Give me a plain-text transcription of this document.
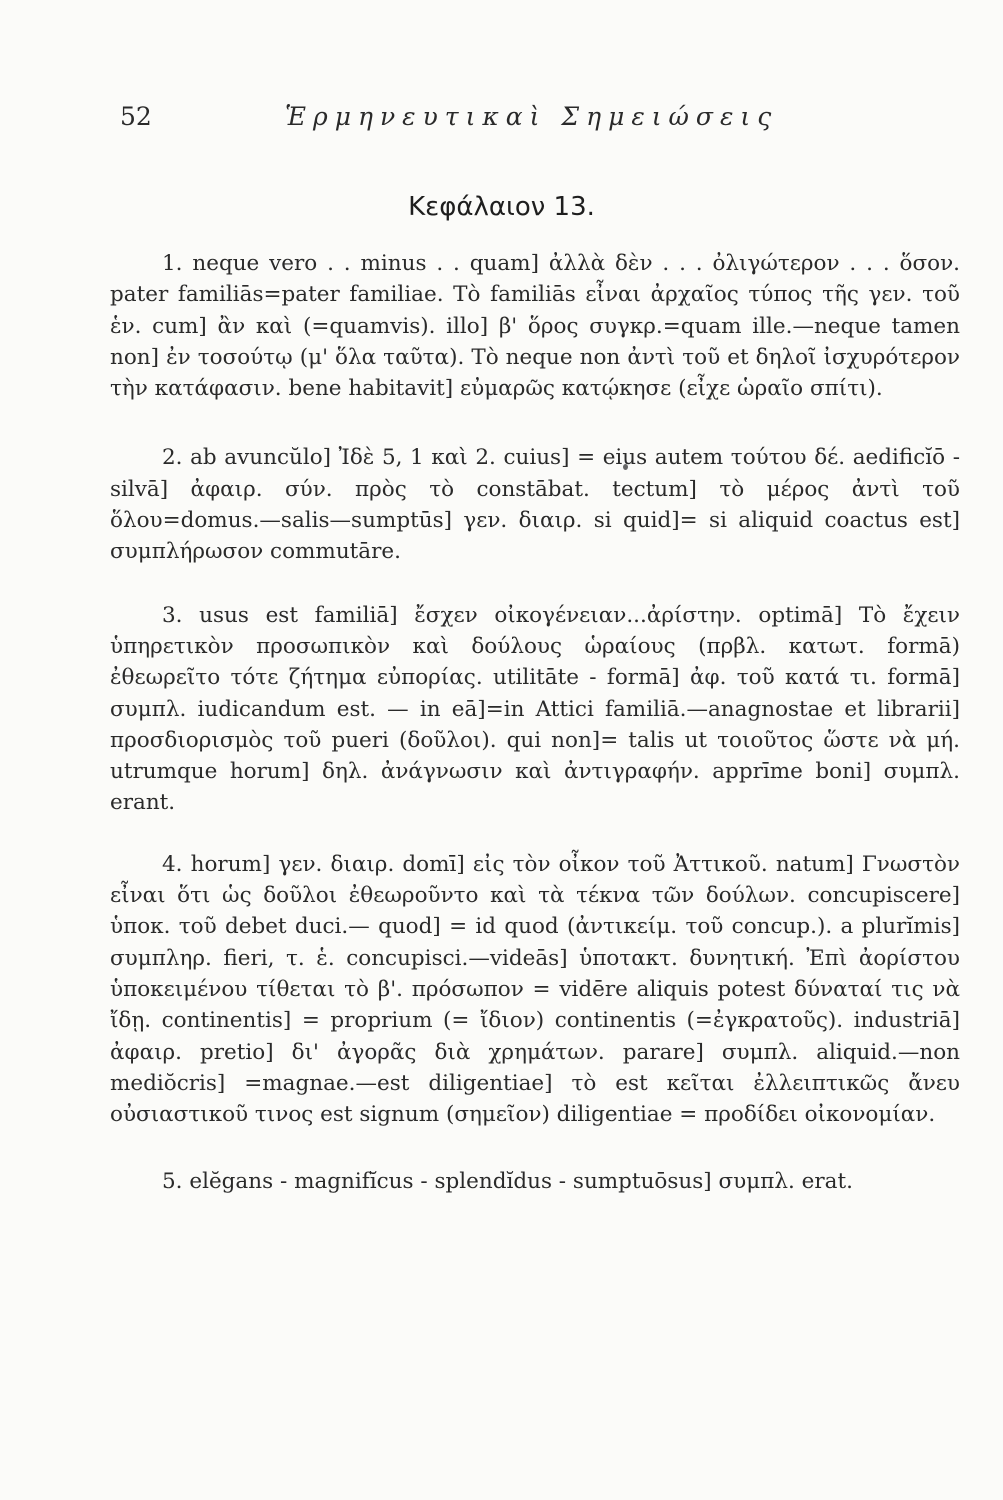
52	Ἑρμηνευτικαὶ Σημειώσεις
Κεφάλαιον 13.

1. neque vero . . minus . . quam] ἀλλὰ δὲν . . . ὀλιγώτερον . . . ὅσον. pater familiās=pater familiae. Τὸ familiās εἶναι ἀρχαῖος τύπος τῆς γεν. τοῦ ἑν. cum] ἂν καὶ (=quamvis). illo] β' ὅρος συγκρ.=quam ille.—neque tamen non] ἐν τοσούτῳ (μ' ὅλα ταῦτα). Τὸ neque non ἀντὶ τοῦ et δηλοῖ ἰσχυρότερον τὴν κατάφασιν. bene habitavit] εὐμαρῶς κατῴκησε (εἶχε ὡραῖο σπίτι).

2. ab avuncŭlo] Ἰδὲ 5, 1 καὶ 2. cuius] = eius autem τούτου δέ. aedificĭō - silvā] ἀφαιρ. σύν. πρὸς τὸ constābat. tectum] τὸ μέρος ἀντὶ τοῦ ὅλου=domus.—salis—sumptūs] γεν. διαιρ. si quid]= si aliquid coactus est] συμπλήρωσον commutāre.

3. usus est familiā] ἔσχεν οἰκογένειαν...ἀρίστην. optimā] Τὸ ἔχειν ὑπηρετικὸν προσωπικὸν καὶ δούλους ὡραίους (πρβλ. κατωτ. formā) ἐθεωρεῖτο τότε ζήτημα εὐπορίας. utilitāte - formā] ἀφ. τοῦ κατά τι. formā] συμπλ. iudicandum est. — in eā]=in Attici familiā.—anagnostae et librarii] προσδιορισμὸς τοῦ pueri (δοῦλοι). qui non]= talis ut τοιοῦτος ὥστε νὰ μή. utrumque horum] δηλ. ἀνάγνωσιν καὶ ἀντιγραφήν. apprīme boni] συμπλ. erant.

4. horum] γεν. διαιρ. domī] εἰς τὸν οἶκον τοῦ Ἀττικοῦ. natum] Γνωστὸν εἶναι ὅτι ὡς δοῦλοι ἐθεωροῦντο καὶ τὰ τέκνα τῶν δούλων. concupiscere] ὑποκ. τοῦ debet duci.— quod] = id quod (ἀντικείμ. τοῦ concup.). a plurĭmis] συμπληρ. fieri, τ. ἑ. concupisci.—videās] ὑποτακτ. δυνητική. Ἐπὶ ἀορίστου ὑποκειμένου τίθεται τὸ β'. πρόσωπον = vidēre aliquis potest δύναταί τις νὰ ἴδῃ. continentis] = proprium (= ἴδιον) continentis (=ἐγκρατοῦς). industriā] ἀφαιρ. pretio] δι' ἀγορᾶς διὰ χρημάτων. parare] συμπλ. aliquid.—non mediŏcris] =magnae.—est diligentiae] τὸ est κεῖται ἐλλειπτικῶς ἄνευ οὐσιαστικοῦ τινος est signum (σημεῖον) diligentiae = προδίδει οἰκονομίαν.

5. elĕgans - magnifĭcus - splendĭdus - sumptuōsus] συμπλ. erat.
